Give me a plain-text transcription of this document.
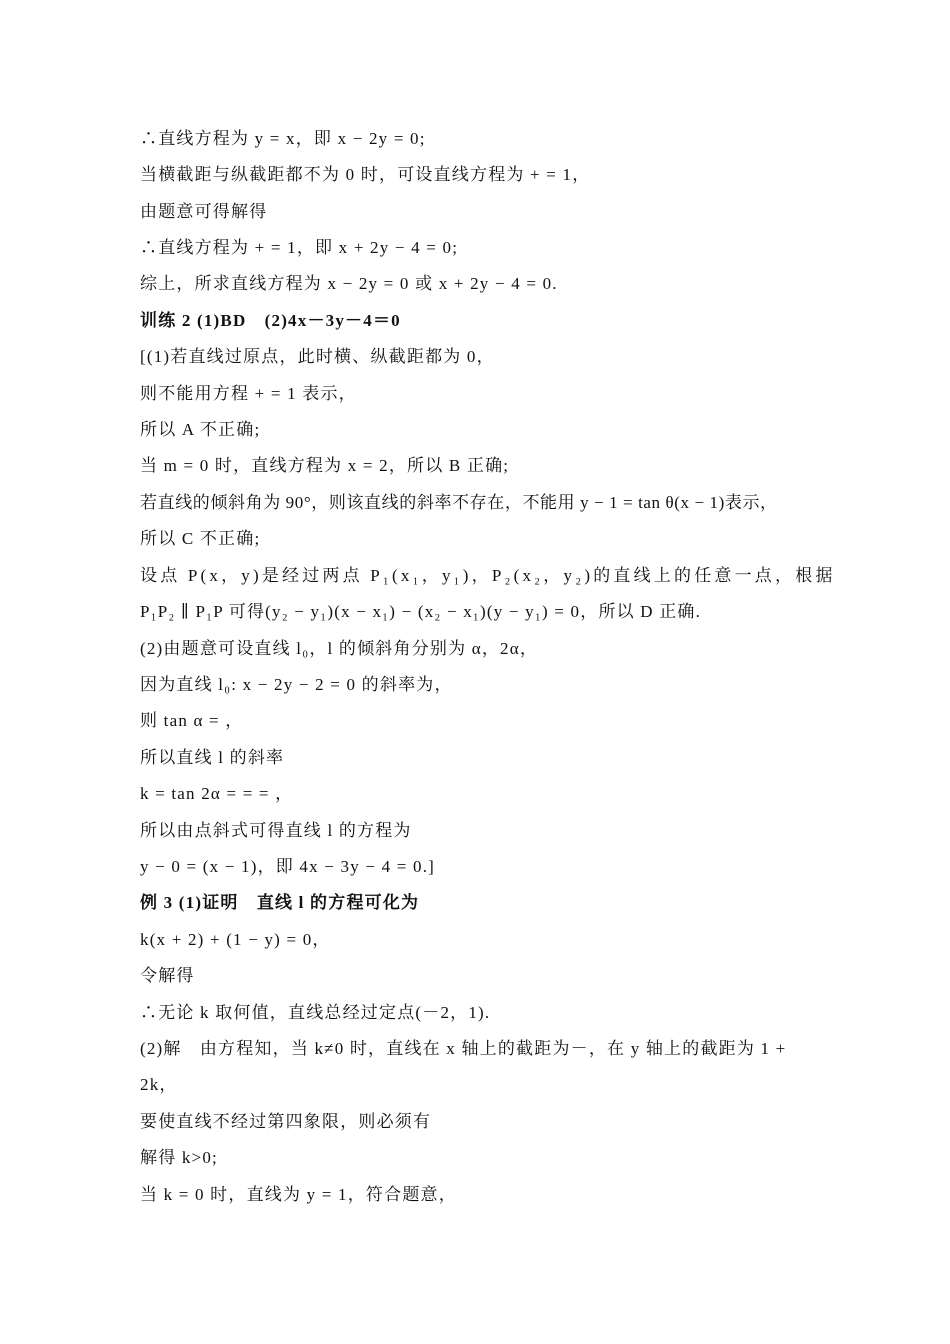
∴直线方程为 y = x，即 x − 2y = 0;
当横截距与纵截距都不为 0 时，可设直线方程为 + = 1，
由题意可得解得
∴直线方程为 + = 1，即 x + 2y − 4 = 0;
综上，所求直线方程为 x − 2y = 0 或 x + 2y − 4 = 0.
训练 2 (1)BD　(2)4x－3y－4＝0
[(1)若直线过原点，此时横、纵截距都为 0，
则不能用方程 + = 1 表示，
所以 A 不正确;
当 m = 0 时，直线方程为 x = 2，所以 B 正确;
若直线的倾斜角为 90°，则该直线的斜率不存在，不能用 y − 1 = tan θ(x − 1)表示，
所以 C 不正确;
设点 P(x，y)是经过两点 P₁(x₁，y₁)，P₂(x₂，y₂)的直线上的任意一点，根据
P₁P₂ ∥ P₁P 可得(y₂ − y₁)(x − x₁) − (x₂ − x₁)(y − y₁) = 0，所以 D 正确.
(2)由题意可设直线 l₀，l 的倾斜角分别为 α，2α，
因为直线 l₀: x − 2y − 2 = 0 的斜率为，
则 tan α = ，
所以直线 l 的斜率
k = tan 2α = = = ，
所以由点斜式可得直线 l 的方程为
y − 0 = (x − 1)，即 4x − 3y − 4 = 0.]
例 3 (1)证明　直线 l 的方程可化为
k(x + 2) + (1 − y) = 0，
令解得
∴无论 k 取何值，直线总经过定点(－2，1).
(2)解　由方程知，当 k≠0 时，直线在 x 轴上的截距为－，在 y 轴上的截距为 1 +
2k，
要使直线不经过第四象限，则必须有
解得 k>0;
当 k = 0 时，直线为 y = 1，符合题意，
